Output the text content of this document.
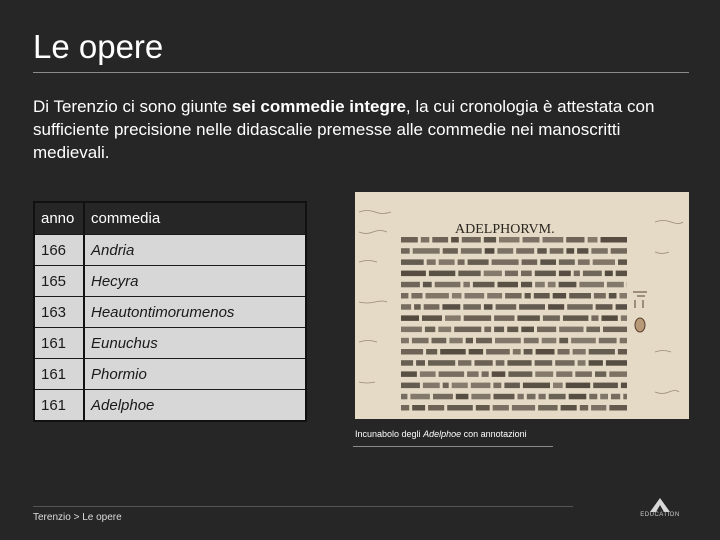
Le opere

Di Terenzio ci sono giunte sei commedie integre, la cui cronologia è attestata con sufficiente precisione nelle didascalie premesse alle commedie nei manoscritti medievali.

anno	commedia
166	Andria
165	Hecyra
163	Heautontimorumenos
161	Eunuchus
161	Phormio
161	Adelphoe
ADELPHORVM.
Incunabolo degli Adelphoe con annotazioni
Terenzio > Le opere	EDUCATION
